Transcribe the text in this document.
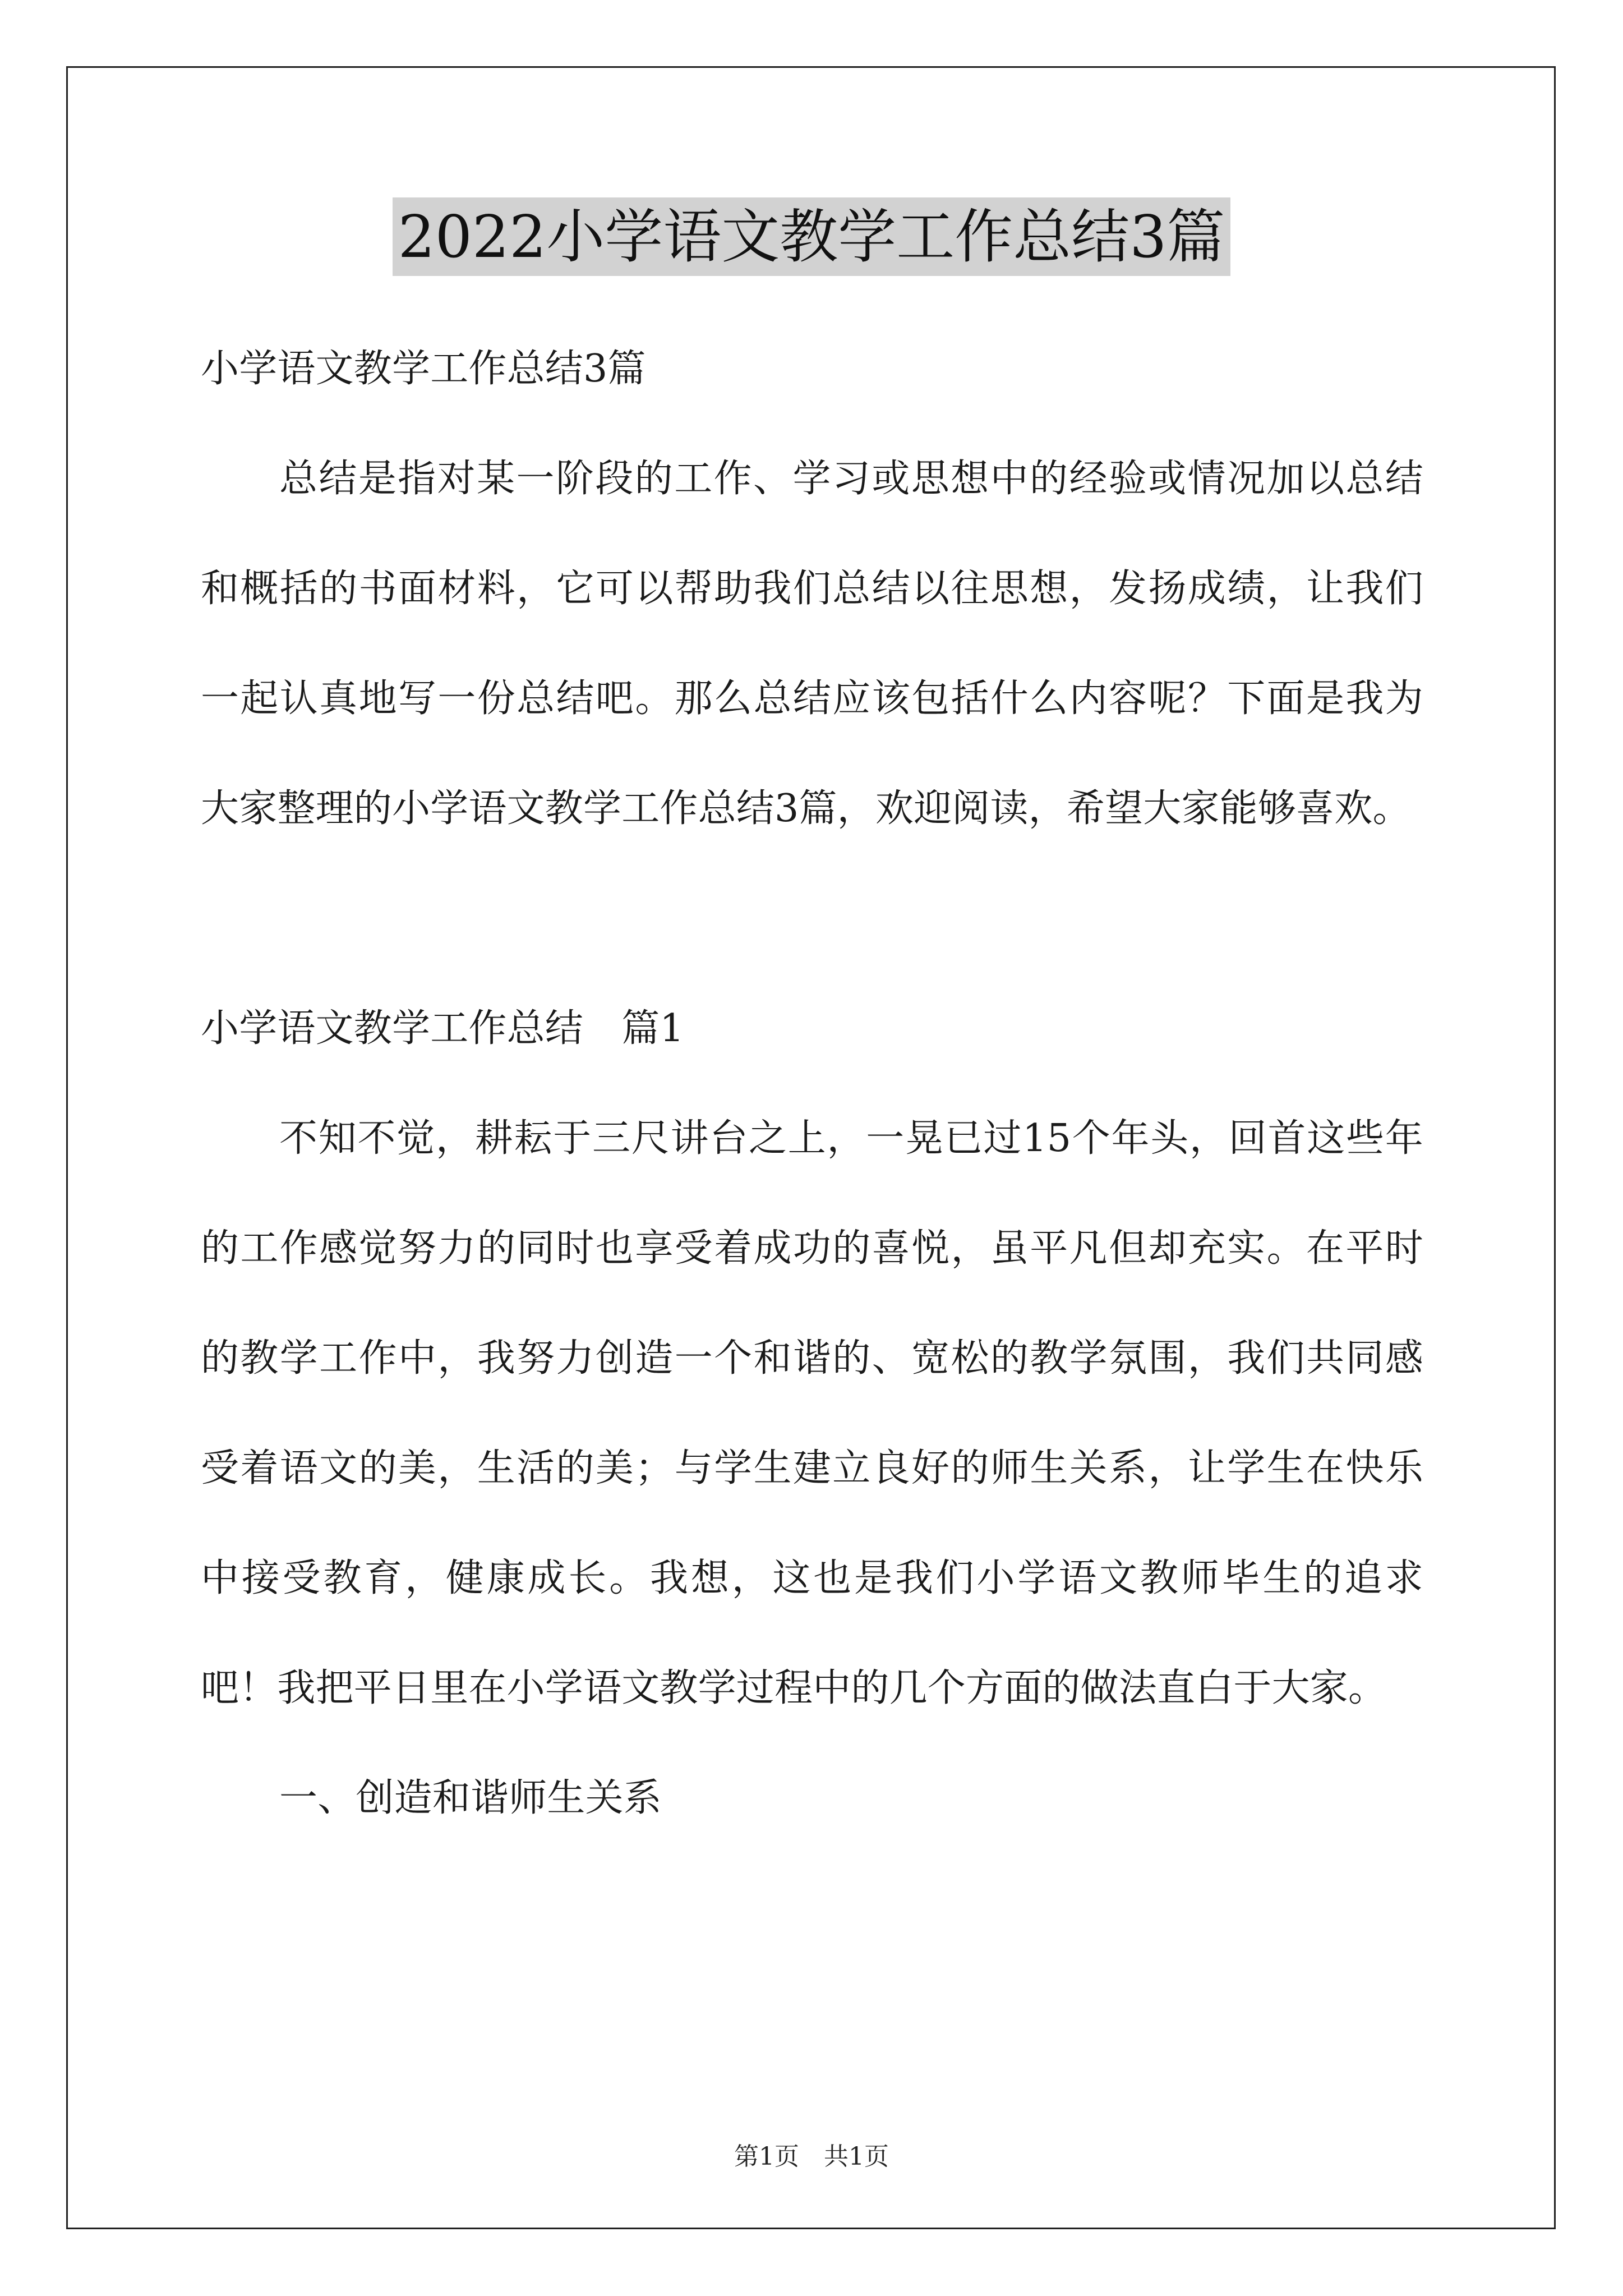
2022小学语文教学工作总结3篇

小学语文教学工作总结3篇

总结是指对某一阶段的工作、学习或思想中的经验或情况加以总结和概括的书面材料，它可以帮助我们总结以往思想，发扬成绩，让我们一起认真地写一份总结吧。那么总结应该包括什么内容呢？下面是我为大家整理的小学语文教学工作总结3篇，欢迎阅读，希望大家能够喜欢。

小学语文教学工作总结　篇1

不知不觉，耕耘于三尺讲台之上，一晃已过15个年头，回首这些年的工作感觉努力的同时也享受着成功的喜悦，虽平凡但却充实。在平时的教学工作中，我努力创造一个和谐的、宽松的教学氛围，我们共同感受着语文的美，生活的美；与学生建立良好的师生关系，让学生在快乐中接受教育，健康成长。我想，这也是我们小学语文教师毕生的追求吧！我把平日里在小学语文教学过程中的几个方面的做法直白于大家。

一、创造和谐师生关系

第1页　共1页
